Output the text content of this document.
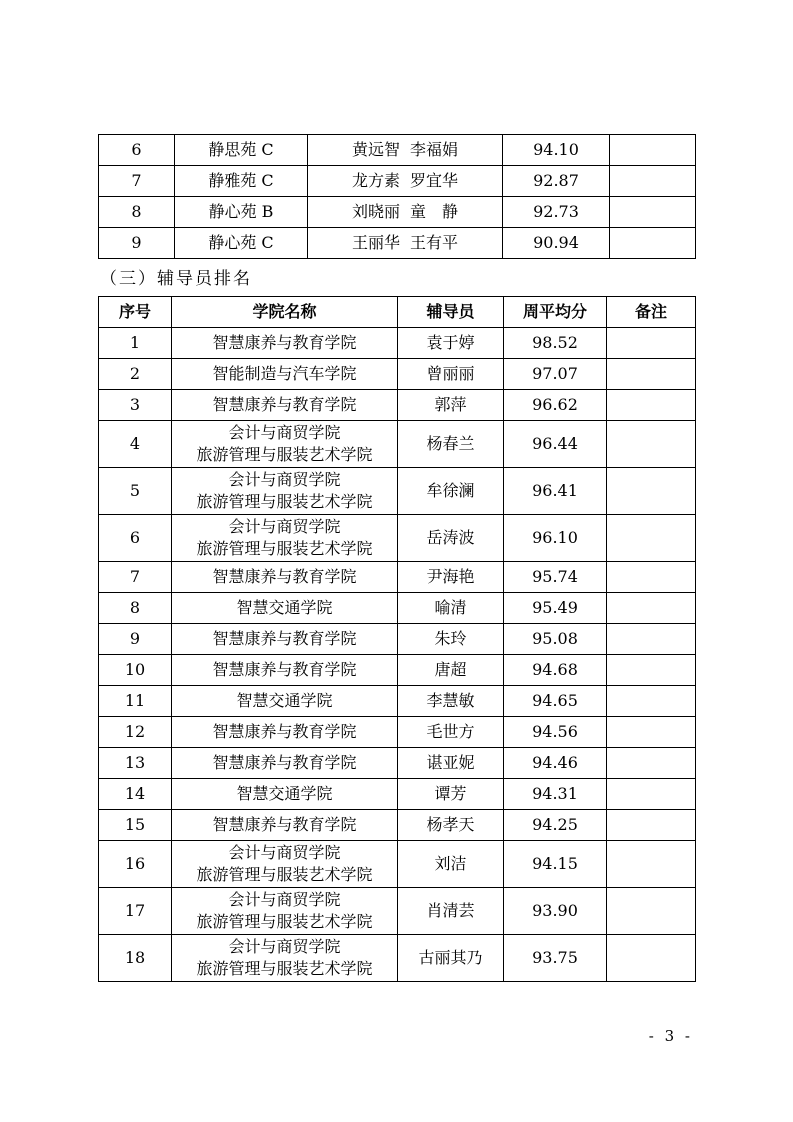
6	静思苑 C	黄远智 李福娟	94.10	
7	静雅苑 C	龙方素 罗宜华	92.87	
8	静心苑 B	刘晓丽 童　静	92.73	
9	静心苑 C	王丽华 王有平	90.94	
（三）辅导员排名
序号	学院名称	辅导员	周平均分	备注
1	智慧康养与教育学院	袁于婷	98.52	
2	智能制造与汽车学院	曾丽丽	97.07	
3	智慧康养与教育学院	郭萍	96.62	
4	会计与商贸学院
旅游管理与服装艺术学院	杨春兰	96.44	
5	会计与商贸学院
旅游管理与服装艺术学院	牟徐澜	96.41	
6	会计与商贸学院
旅游管理与服装艺术学院	岳涛波	96.10	
7	智慧康养与教育学院	尹海艳	95.74	
8	智慧交通学院	喻清	95.49	
9	智慧康养与教育学院	朱玲	95.08	
10	智慧康养与教育学院	唐超	94.68	
11	智慧交通学院	李慧敏	94.65	
12	智慧康养与教育学院	毛世方	94.56	
13	智慧康养与教育学院	谌亚妮	94.46	
14	智慧交通学院	谭芳	94.31	
15	智慧康养与教育学院	杨孝天	94.25	
16	会计与商贸学院
旅游管理与服装艺术学院	刘洁	94.15	
17	会计与商贸学院
旅游管理与服装艺术学院	肖清芸	93.90	
18	会计与商贸学院
旅游管理与服装艺术学院	古丽其乃	93.75	
- 3 -
